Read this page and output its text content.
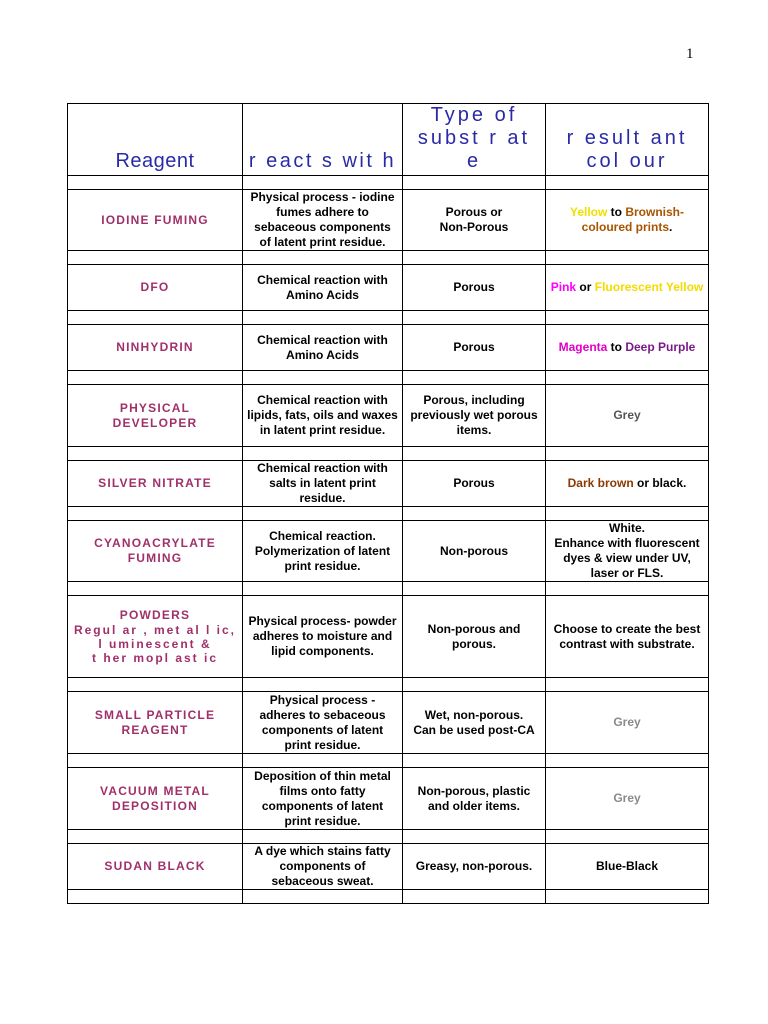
1
Reagent	r eact s wit h	Type of
subst r at e	r esult ant
col our

IODINE FUMING	Physical process - iodine fumes adhere to sebaceous components of latent print residue.	Porous or
Non-Porous	Yellow to Brownish-coloured prints.

DFO	Chemical reaction with Amino Acids	Porous	Pink or Fluorescent Yellow

NINHYDRIN	Chemical reaction with Amino Acids	Porous	Magenta to Deep Purple

PHYSICAL
DEVELOPER	Chemical reaction with lipids, fats, oils and waxes in latent print residue.	Porous, including previously wet porous items.	Grey

SILVER NITRATE	Chemical reaction with salts in latent print residue.	Porous	Dark brown or black.

CYANOACRYLATE
FUMING	Chemical reaction.
Polymerization of latent print residue.	Non-porous	White.
Enhance with fluorescent dyes & view under UV, laser or FLS.

POWDERS
Regul ar , met al l ic,
l uminescent &
t her mopl ast ic	Physical process- powder adheres to moisture and lipid components.	Non-porous and porous.	Choose to create the best contrast with substrate.

SMALL PARTICLE
REAGENT	Physical process - adheres to sebaceous components of latent print residue.	Wet, non-porous.
Can be used post-CA	Grey

VACUUM METAL
DEPOSITION	Deposition of thin metal films onto fatty components of latent print residue.	Non-porous, plastic and older items.	Grey

SUDAN BLACK	A dye which stains fatty components of sebaceous sweat.	Greasy, non-porous.	Blue-Black
